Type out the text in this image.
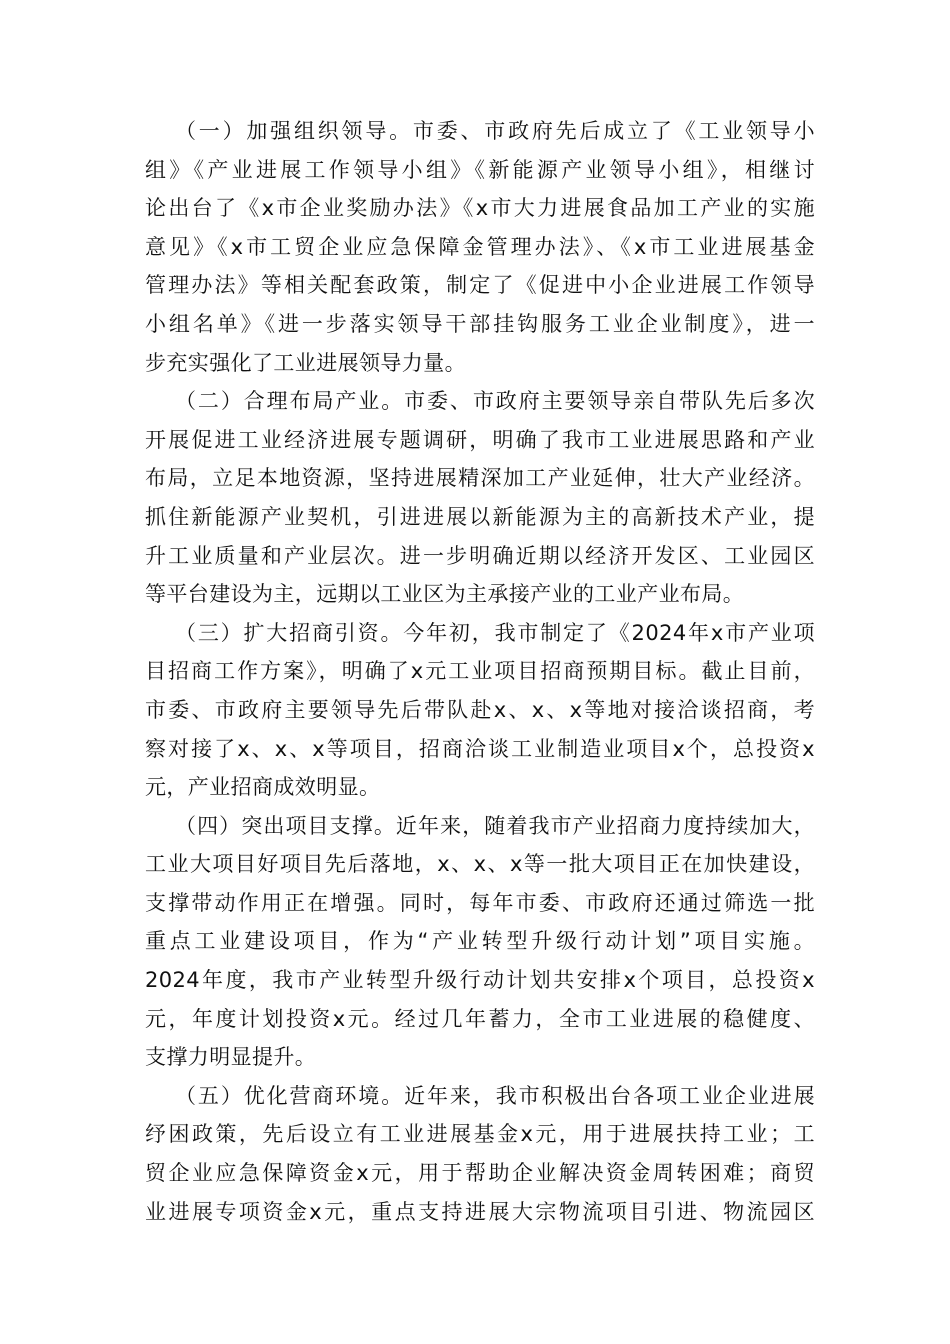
（一）加强组织领导。市委、市政府先后成立了《工业领导小
组》《产业进展工作领导小组》《新能源产业领导小组》，相继讨
论出台了《x市企业奖励办法》《x市大力进展食品加工产业的实施
意见》《x市工贸企业应急保障金管理办法》、《x市工业进展基金
管理办法》等相关配套政策，制定了《促进中小企业进展工作领导
小组名单》《进一步落实领导干部挂钩服务工业企业制度》，进一
步充实强化了工业进展领导力量。
（二）合理布局产业。市委、市政府主要领导亲自带队先后多次
开展促进工业经济进展专题调研，明确了我市工业进展思路和产业
布局，立足本地资源，坚持进展精深加工产业延伸，壮大产业经济。
抓住新能源产业契机，引进进展以新能源为主的高新技术产业，提
升工业质量和产业层次。进一步明确近期以经济开发区、工业园区
等平台建设为主，远期以工业区为主承接产业的工业产业布局。
（三）扩大招商引资。今年初，我市制定了《2024年x市产业项
目招商工作方案》，明确了x元工业项目招商预期目标。截止目前，
市委、市政府主要领导先后带队赴x、x、x等地对接洽谈招商，考
察对接了x、x、x等项目，招商洽谈工业制造业项目x个，总投资x
元，产业招商成效明显。
（四）突出项目支撑。近年来，随着我市产业招商力度持续加大，
工业大项目好项目先后落地，x、x、x等一批大项目正在加快建设，
支撑带动作用正在增强。同时，每年市委、市政府还通过筛选一批
重点工业建设项目，作为“产业转型升级行动计划”项目实施。
2024年度，我市产业转型升级行动计划共安排x个项目，总投资x
元，年度计划投资x元。经过几年蓄力，全市工业进展的稳健度、
支撑力明显提升。
（五）优化营商环境。近年来，我市积极出台各项工业企业进展
纾困政策，先后设立有工业进展基金x元，用于进展扶持工业；工
贸企业应急保障资金x元，用于帮助企业解决资金周转困难；商贸
业进展专项资金x元，重点支持进展大宗物流项目引进、物流园区
